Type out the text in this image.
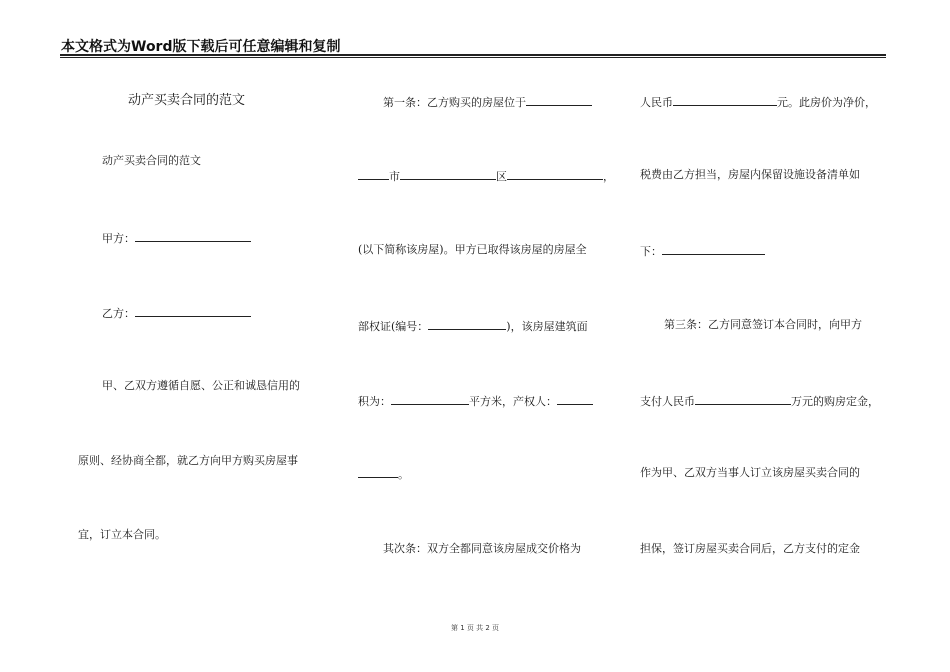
本文格式为Word版下载后可任意编辑和复制
动产买卖合同的范文
动产买卖合同的范文
甲方：
乙方：
甲、乙双方遵循自愿、公正和诚恳信用的
原则、经协商全都，就乙方向甲方购买房屋事
宜，订立本合同。
第一条：乙方购买的房屋位于
市	区	，
(以下简称该房屋)。甲方已取得该房屋的房屋全
部权证(编号：	)，该房屋建筑面
积为：	平方米，产权人：
。
其次条：双方全都同意该房屋成交价格为
人民币	元。此房价为净价，
税费由乙方担当，房屋内保留设施设备清单如
下：
第三条：乙方同意签订本合同时，向甲方
支付人民币	万元的购房定金，
作为甲、乙双方当事人订立该房屋买卖合同的
担保，签订房屋买卖合同后，乙方支付的定金
第 1 页 共 2 页
